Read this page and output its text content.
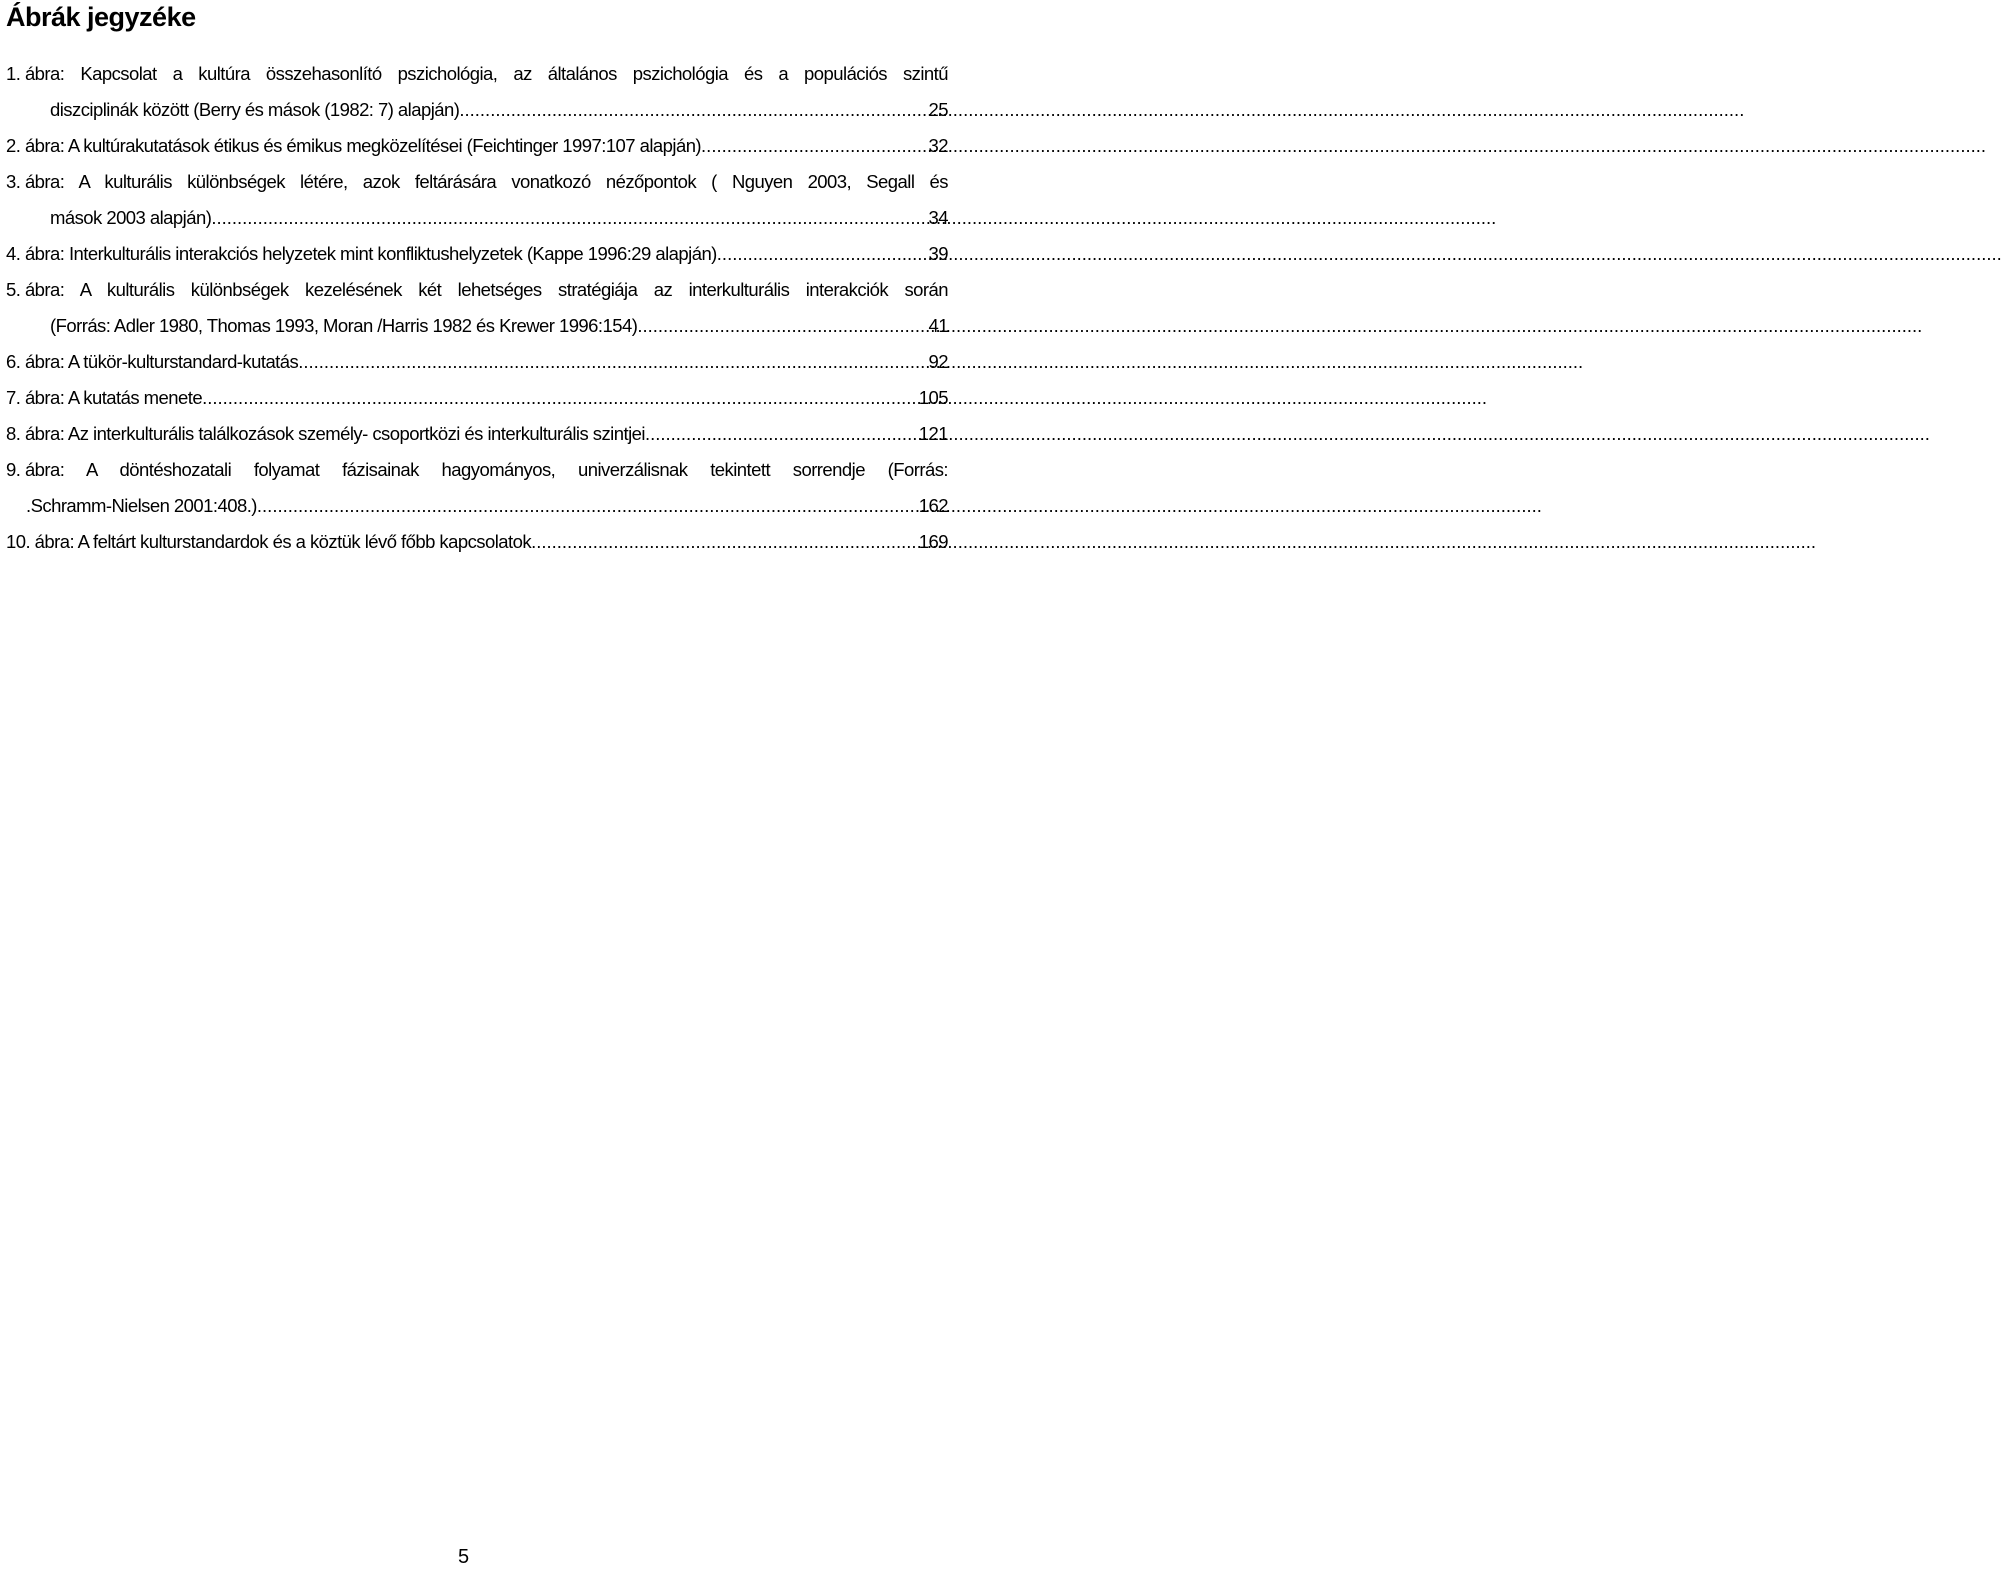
Ábrák jegyzéke
1.
ábra: Kapcsolat a kultúra összehasonlító pszichológia, az általános pszichológia és a populációs szintű
diszciplinák között (Berry és mások (1982: 7) alapján) .....	25
2.
ábra: A kultúrakutatások étikus és émikus megközelítései (Feichtinger 1997:107 alapján) .....	32
3.
ábra: A kulturális különbségek létére, azok feltárására vonatkozó nézőpontok ( Nguyen 2003, Segall és
mások 2003 alapján) .....	34
4.
ábra: Interkulturális interakciós helyzetek mint konfliktushelyzetek (Kappe 1996:29 alapján) .....	39
5.
ábra: A kulturális különbségek kezelésének két lehetséges stratégiája az interkulturális interakciók során
(Forrás: Adler 1980, Thomas 1993, Moran /Harris 1982 és Krewer 1996:154) .....	41
6.
ábra: A tükör-kulturstandard-kutatás .....	92
7.
ábra: A kutatás menete .....	105
8.
ábra: Az interkulturális találkozások személy- csoportközi és interkulturális szintjei .....	121
9.
ábra: A döntéshozatali folyamat fázisainak hagyományos, univerzálisnak tekintett sorrendje (Forrás:
.Schramm-Nielsen 2001:408.) .....	162
10.
ábra: A feltárt kulturstandardok és a köztük lévő főbb kapcsolatok .....	169
5
